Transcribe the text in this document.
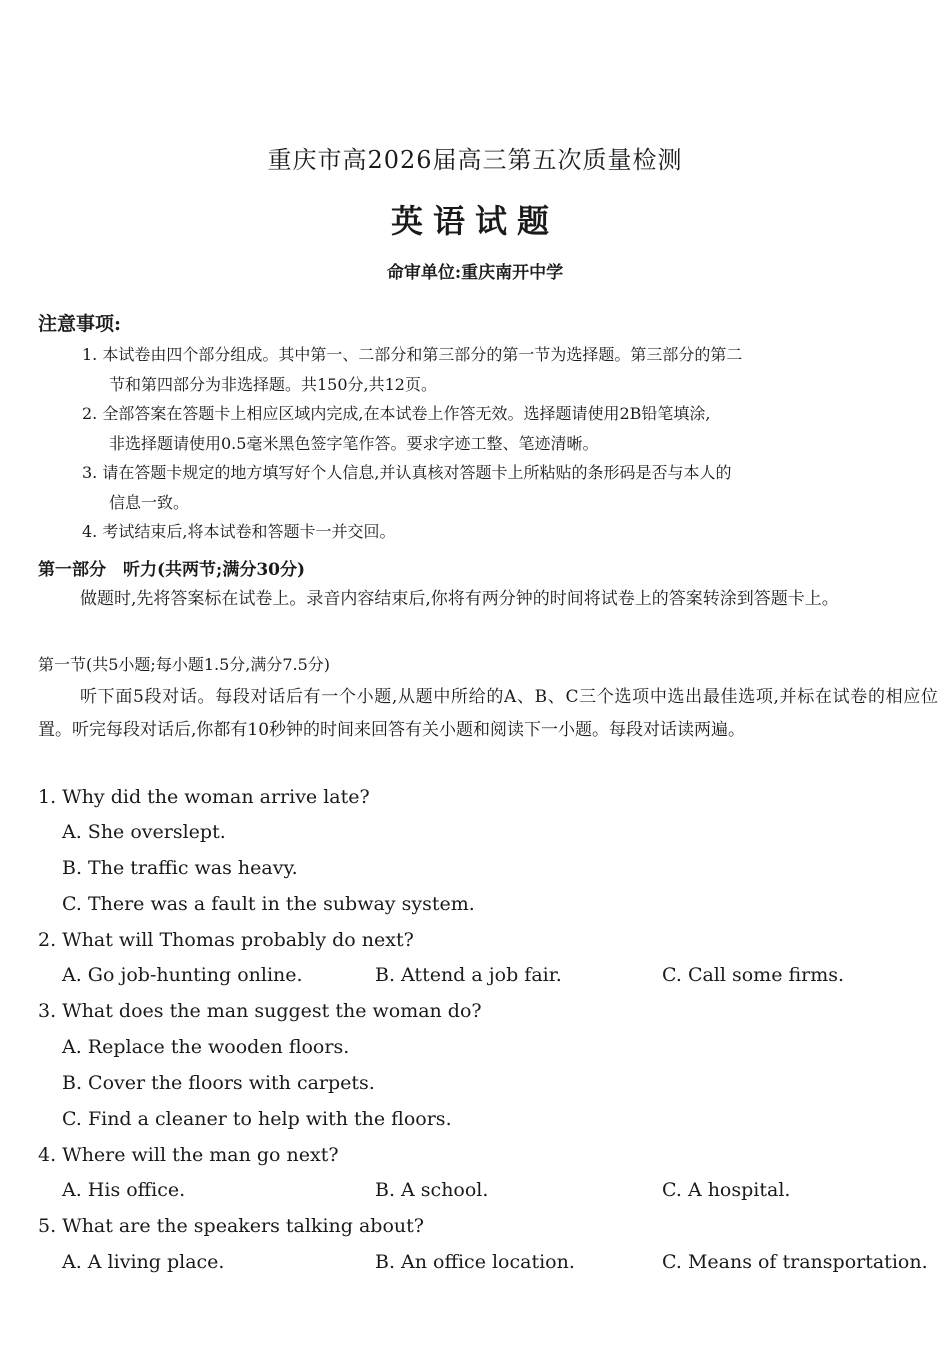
重庆市高2026届高三第五次质量检测
英语试题
命审单位:重庆南开中学
注意事项:

1. 本试卷由四个部分组成。其中第一、二部分和第三部分的第一节为选择题。第三部分的第二
节和第四部分为非选择题。共150分,共12页。

2. 全部答案在答题卡上相应区域内完成,在本试卷上作答无效。选择题请使用2B铅笔填涂,
非选择题请使用0.5毫米黑色签字笔作答。要求字迹工整、笔迹清晰。

3. 请在答题卡规定的地方填写好个人信息,并认真核对答题卡上所粘贴的条形码是否与本人的
信息一致。

4. 考试结束后,将本试卷和答题卡一并交回。

第一部分　听力(共两节;满分30分)

做题时,先将答案标在试卷上。录音内容结束后,你将有两分钟的时间将试卷上的答案转涂到答题卡上。

第一节(共5小题;每小题1.5分,满分7.5分)

听下面5段对话。每段对话后有一个小题,从题中所给的A、B、C三个选项中选出最佳选项,并标在试卷的相应位置。听完每段对话后,你都有10秒钟的时间来回答有关小题和阅读下一小题。每段对话读两遍。

1. Why did the woman arrive late?
A. She overslept.
B. The traffic was heavy.
C. There was a fault in the subway system.
2. What will Thomas probably do next?
A. Go job-hunting online.	B. Attend a job fair.	C. Call some firms.
3. What does the man suggest the woman do?
A. Replace the wooden floors.
B. Cover the floors with carpets.
C. Find a cleaner to help with the floors.
4. Where will the man go next?
A. His office.	B. A school.	C. A hospital.
5. What are the speakers talking about?
A. A living place.	B. An office location.	C. Means of transportation.
